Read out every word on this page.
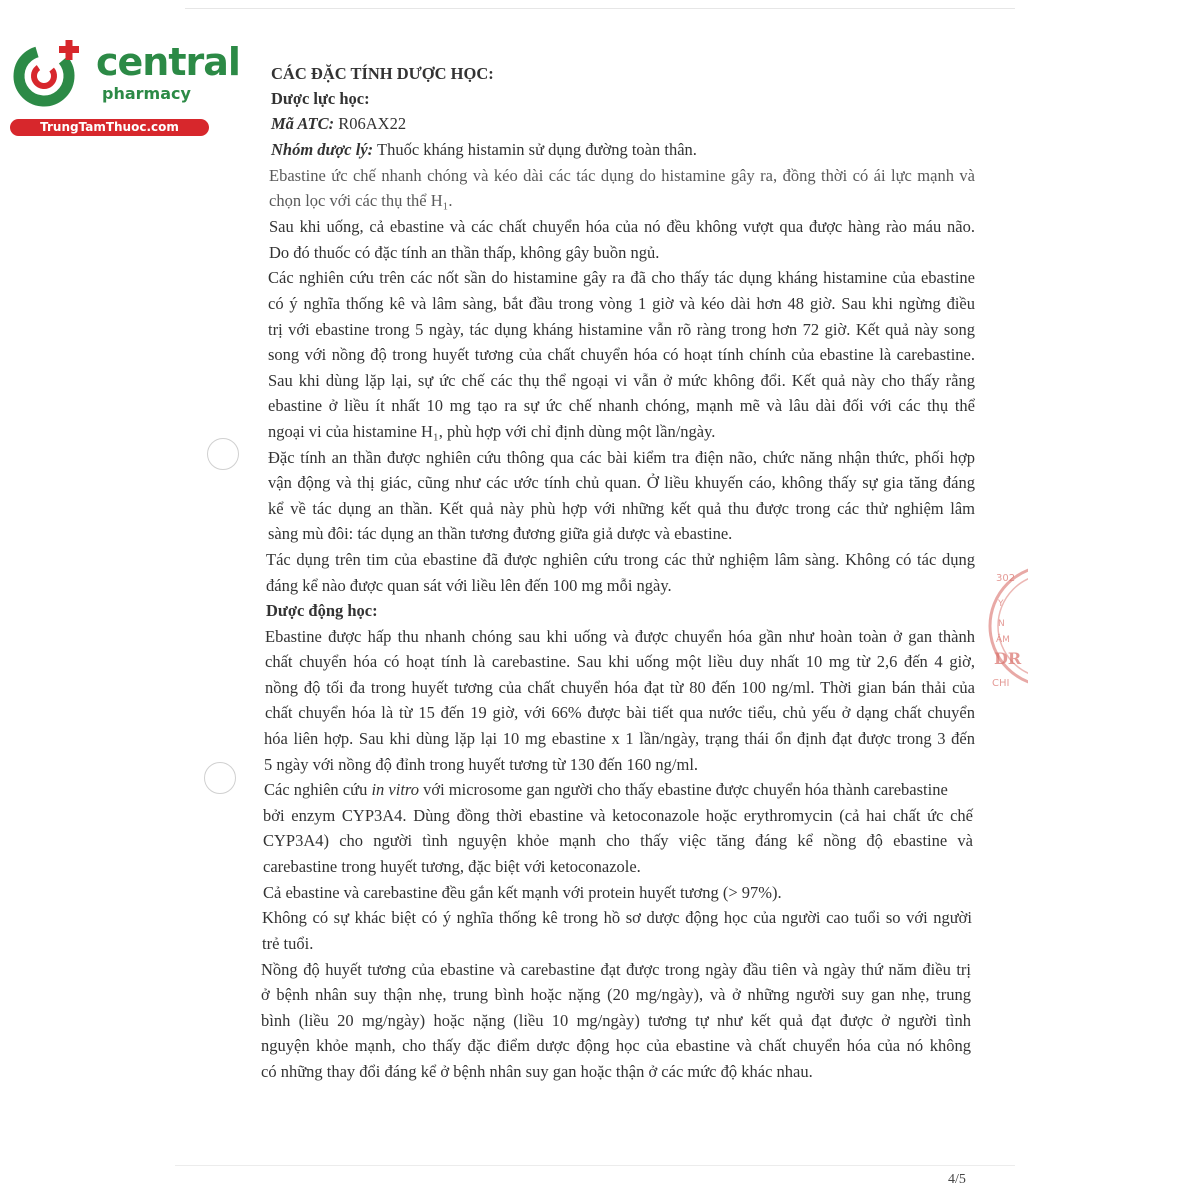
central
pharmacy
TrungTamThuoc.com
302
Y
N
ÂM
DR
CHI
CÁC ĐẶC TÍNH DƯỢC HỌC:
Dược lực học:
Mã ATC: R06AX22
Nhóm dược lý: Thuốc kháng histamin sử dụng đường toàn thân.
Ebastine ức chế nhanh chóng và kéo dài các tác dụng do histamine gây ra, đồng thời có ái lực mạnh và
chọn lọc với các thụ thể H₁.
Sau khi uống, cả ebastine và các chất chuyển hóa của nó đều không vượt qua được hàng rào máu não.
Do đó thuốc có đặc tính an thần thấp, không gây buồn ngủ.
Các nghiên cứu trên các nốt sần do histamine gây ra đã cho thấy tác dụng kháng histamine của ebastine
có ý nghĩa thống kê và lâm sàng, bắt đầu trong vòng 1 giờ và kéo dài hơn 48 giờ. Sau khi ngừng điều
trị với ebastine trong 5 ngày, tác dụng kháng histamine vẫn rõ ràng trong hơn 72 giờ. Kết quả này song
song với nồng độ trong huyết tương của chất chuyển hóa có hoạt tính chính của ebastine là carebastine.
Sau khi dùng lặp lại, sự ức chế các thụ thể ngoại vi vẫn ở mức không đổi. Kết quả này cho thấy rằng
ebastine ở liều ít nhất 10 mg tạo ra sự ức chế nhanh chóng, mạnh mẽ và lâu dài đối với các thụ thể
ngoại vi của histamine H₁, phù hợp với chỉ định dùng một lần/ngày.
Đặc tính an thần được nghiên cứu thông qua các bài kiểm tra điện não, chức năng nhận thức, phối hợp
vận động và thị giác, cũng như các ước tính chủ quan. Ở liều khuyến cáo, không thấy sự gia tăng đáng
kể về tác dụng an thần. Kết quả này phù hợp với những kết quả thu được trong các thử nghiệm lâm
sàng mù đôi: tác dụng an thần tương đương giữa giả dược và ebastine.
Tác dụng trên tim của ebastine đã được nghiên cứu trong các thử nghiệm lâm sàng. Không có tác dụng
đáng kể nào được quan sát với liều lên đến 100 mg mỗi ngày.
Dược động học:
Ebastine được hấp thu nhanh chóng sau khi uống và được chuyển hóa gần như hoàn toàn ở gan thành
chất chuyển hóa có hoạt tính là carebastine. Sau khi uống một liều duy nhất 10 mg từ 2,6 đến 4 giờ,
nồng độ tối đa trong huyết tương của chất chuyển hóa đạt từ 80 đến 100 ng/ml. Thời gian bán thải của
chất chuyển hóa là từ 15 đến 19 giờ, với 66% được bài tiết qua nước tiểu, chủ yếu ở dạng chất chuyển
hóa liên hợp. Sau khi dùng lặp lại 10 mg ebastine x 1 lần/ngày, trạng thái ổn định đạt được trong 3 đến
5 ngày với nồng độ đỉnh trong huyết tương từ 130 đến 160 ng/ml.
Các nghiên cứu in vitro với microsome gan người cho thấy ebastine được chuyển hóa thành carebastine
bởi enzym CYP3A4. Dùng đồng thời ebastine và ketoconazole hoặc erythromycin (cả hai chất ức chế
CYP3A4) cho người tình nguyện khỏe mạnh cho thấy việc tăng đáng kể nồng độ ebastine và
carebastine trong huyết tương, đặc biệt với ketoconazole.
Cả ebastine và carebastine đều gắn kết mạnh với protein huyết tương (> 97%).
Không có sự khác biệt có ý nghĩa thống kê trong hồ sơ dược động học của người cao tuổi so với người
trẻ tuổi.
Nồng độ huyết tương của ebastine và carebastine đạt được trong ngày đầu tiên và ngày thứ năm điều trị
ở bệnh nhân suy thận nhẹ, trung bình hoặc nặng (20 mg/ngày), và ở những người suy gan nhẹ, trung
bình (liều 20 mg/ngày) hoặc nặng (liều 10 mg/ngày) tương tự như kết quả đạt được ở người tình
nguyện khỏe mạnh, cho thấy đặc điểm dược động học của ebastine và chất chuyển hóa của nó không
có những thay đổi đáng kể ở bệnh nhân suy gan hoặc thận ở các mức độ khác nhau.
4/5
